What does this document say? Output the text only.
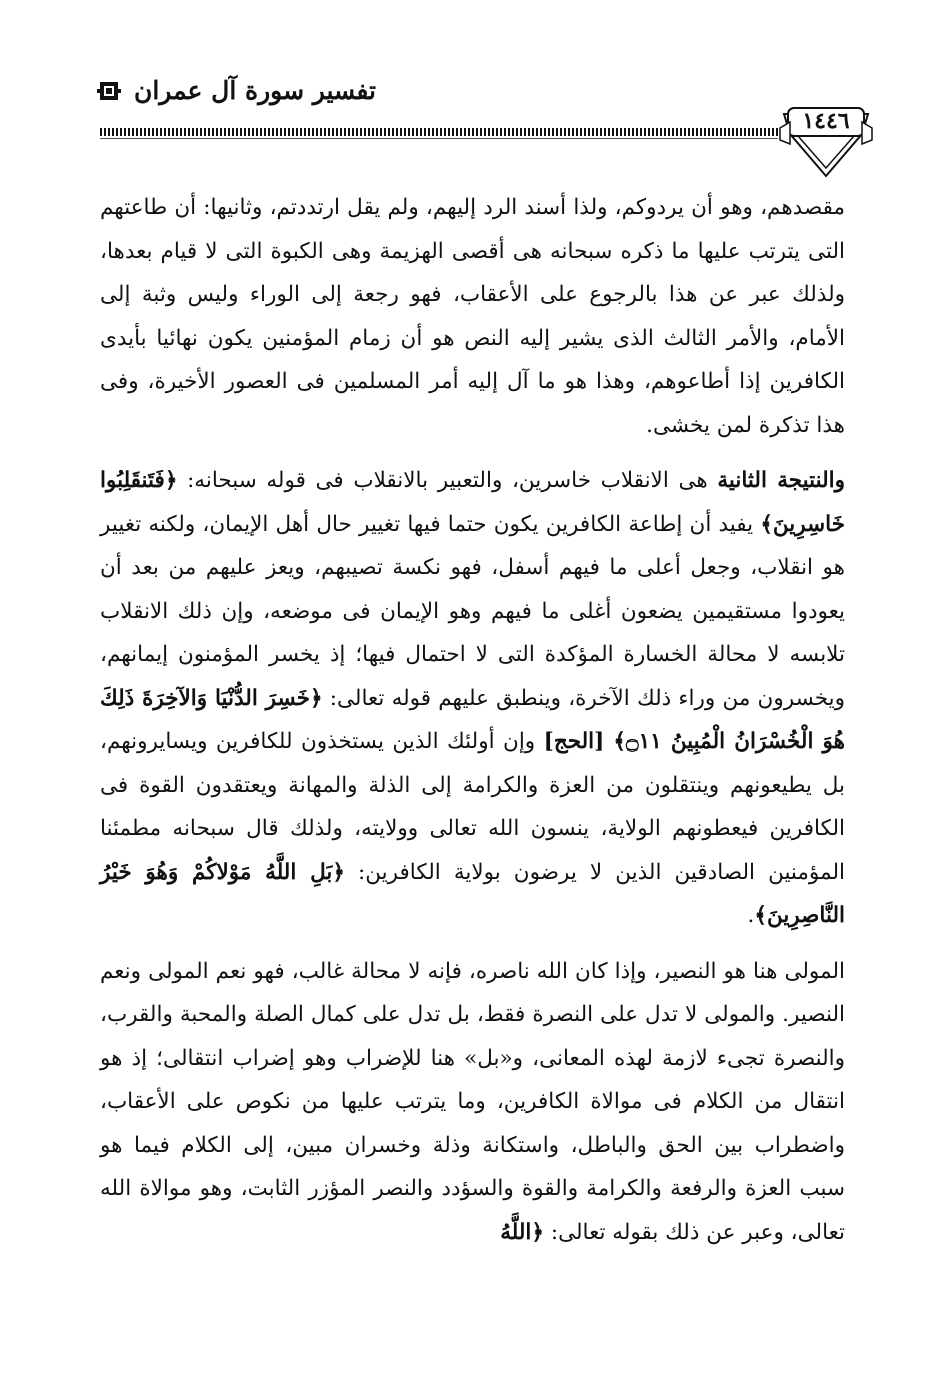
تفسير سورة آل عمران
١٤٤٦

مقصدهم، وهو أن يردوكم، ولذا أسند الرد إليهم، ولم يقل ارتددتم، وثانيها: أن طاعتهم التى يترتب عليها ما ذكره سبحانه هى أقصى الهزيمة وهى الكبوة التى لا قيام بعدها، ولذلك عبر عن هذا بالرجوع على الأعقاب، فهو رجعة إلى الوراء وليس وثبة إلى الأمام، والأمر الثالث الذى يشير إليه النص هو أن زمام المؤمنين يكون نهائيا بأيدى الكافرين إذا أطاعوهم، وهذا هو ما آل إليه أمر المسلمين فى العصور الأخيرة، وفى هذا تذكرة لمن يخشى.

والنتيجة الثانية هى الانقلاب خاسرين، والتعبير بالانقلاب فى قوله سبحانه: ﴿فَتَنقَلِبُوا خَاسِرِينَ﴾ يفيد أن إطاعة الكافرين يكون حتما فيها تغيير حال أهل الإيمان، ولكنه تغيير هو انقلاب، وجعل أعلى ما فيهم أسفل، فهو نكسة تصيبهم، ويعز عليهم من بعد أن يعودوا مستقيمين يضعون أغلى ما فيهم وهو الإيمان فى موضعه، وإن ذلك الانقلاب تلابسه لا محالة الخسارة المؤكدة التى لا احتمال فيها؛ إذ يخسر المؤمنون إيمانهم، ويخسرون من وراء ذلك الآخرة، وينطبق عليهم قوله تعالى: ﴿خَسِرَ الدُّنْيَا وَالآخِرَةَ ذَلِكَ هُوَ الْخُسْرَانُ الْمُبِينُ ۝١١﴾ [الحج] وإن أولئك الذين يستخذون للكافرين ويسايرونهم، بل يطيعونهم وينتقلون من العزة والكرامة إلى الذلة والمهانة ويعتقدون القوة فى الكافرين فيعطونهم الولاية، ينسون الله تعالى وولايته، ولذلك قال سبحانه مطمئنا المؤمنين الصادقين الذين لا يرضون بولاية الكافرين: ﴿بَلِ اللَّهُ مَوْلاكُمْ وَهُوَ خَيْرُ النَّاصِرِينَ﴾.

المولى هنا هو النصير، وإذا كان الله ناصره، فإنه لا محالة غالب، فهو نعم المولى ونعم النصير. والمولى لا تدل على النصرة فقط، بل تدل على كمال الصلة والمحبة والقرب، والنصرة تجىء لازمة لهذه المعانى، و«بل» هنا للإضراب وهو إضراب انتقالى؛ إذ هو انتقال من الكلام فى موالاة الكافرين، وما يترتب عليها من نكوص على الأعقاب، واضطراب بين الحق والباطل، واستكانة وذلة وخسران مبين، إلى الكلام فيما هو سبب العزة والرفعة والكرامة والقوة والسؤدد والنصر المؤزر الثابت، وهو موالاة الله تعالى، وعبر عن ذلك بقوله تعالى: ﴿اللَّهُ
